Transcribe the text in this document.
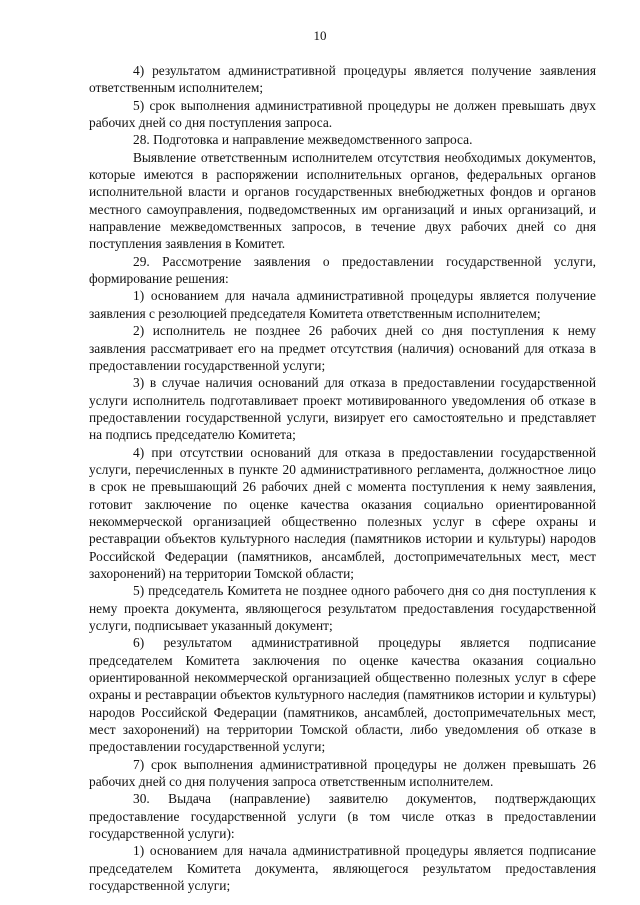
10

4) результатом административной процедуры является получение заявления ответственным исполнителем;

5) срок выполнения административной процедуры не должен превышать двух рабочих дней со дня поступления запроса.

28. Подготовка и направление межведомственного запроса.

Выявление ответственным исполнителем отсутствия необходимых документов, которые имеются в распоряжении исполнительных органов, федеральных органов исполнительной власти и органов государственных внебюджетных фондов и органов местного самоуправления, подведомственных им организаций и иных организаций, и направление межведомственных запросов, в течение двух рабочих дней со дня поступления заявления в Комитет.

29. Рассмотрение заявления о предоставлении государственной услуги, формирование решения:

1) основанием для начала административной процедуры является получение заявления с резолюцией председателя Комитета ответственным исполнителем;

2) исполнитель не позднее 26 рабочих дней со дня поступления к нему заявления рассматривает его на предмет отсутствия (наличия) оснований для отказа в предоставлении государственной услуги;

3) в случае наличия оснований для отказа в предоставлении государственной услуги исполнитель подготавливает проект мотивированного уведомления об отказе в предоставлении государственной услуги, визирует его самостоятельно и представляет на подпись председателю Комитета;

4) при отсутствии оснований для отказа в предоставлении государственной услуги, перечисленных в пункте 20 административного регламента, должностное лицо в срок не превышающий 26 рабочих дней с момента поступления к нему заявления, готовит заключение по оценке качества оказания социально ориентированной некоммерческой организацией общественно полезных услуг в сфере охраны и реставрации объектов культурного наследия (памятников истории и культуры) народов Российской Федерации (памятников, ансамблей, достопримечательных мест, мест захоронений) на территории Томской области;

5) председатель Комитета не позднее одного рабочего дня со дня поступления к нему проекта документа, являющегося результатом предоставления государственной услуги, подписывает указанный документ;

6) результатом административной процедуры является подписание председателем Комитета заключения по оценке качества оказания социально ориентированной некоммерческой организацией общественно полезных услуг в сфере охраны и реставрации объектов культурного наследия (памятников истории и культуры) народов Российской Федерации (памятников, ансамблей, достопримечательных мест, мест захоронений) на территории Томской области, либо уведомления об отказе в предоставлении государственной услуги;

7) срок выполнения административной процедуры не должен превышать 26 рабочих дней со дня получения запроса ответственным исполнителем.

30. Выдача (направление) заявителю документов, подтверждающих предоставление государственной услуги (в том числе отказ в предоставлении государственной услуги):

1) основанием для начала административной процедуры является подписание председателем Комитета документа, являющегося результатом предоставления государственной услуги;
